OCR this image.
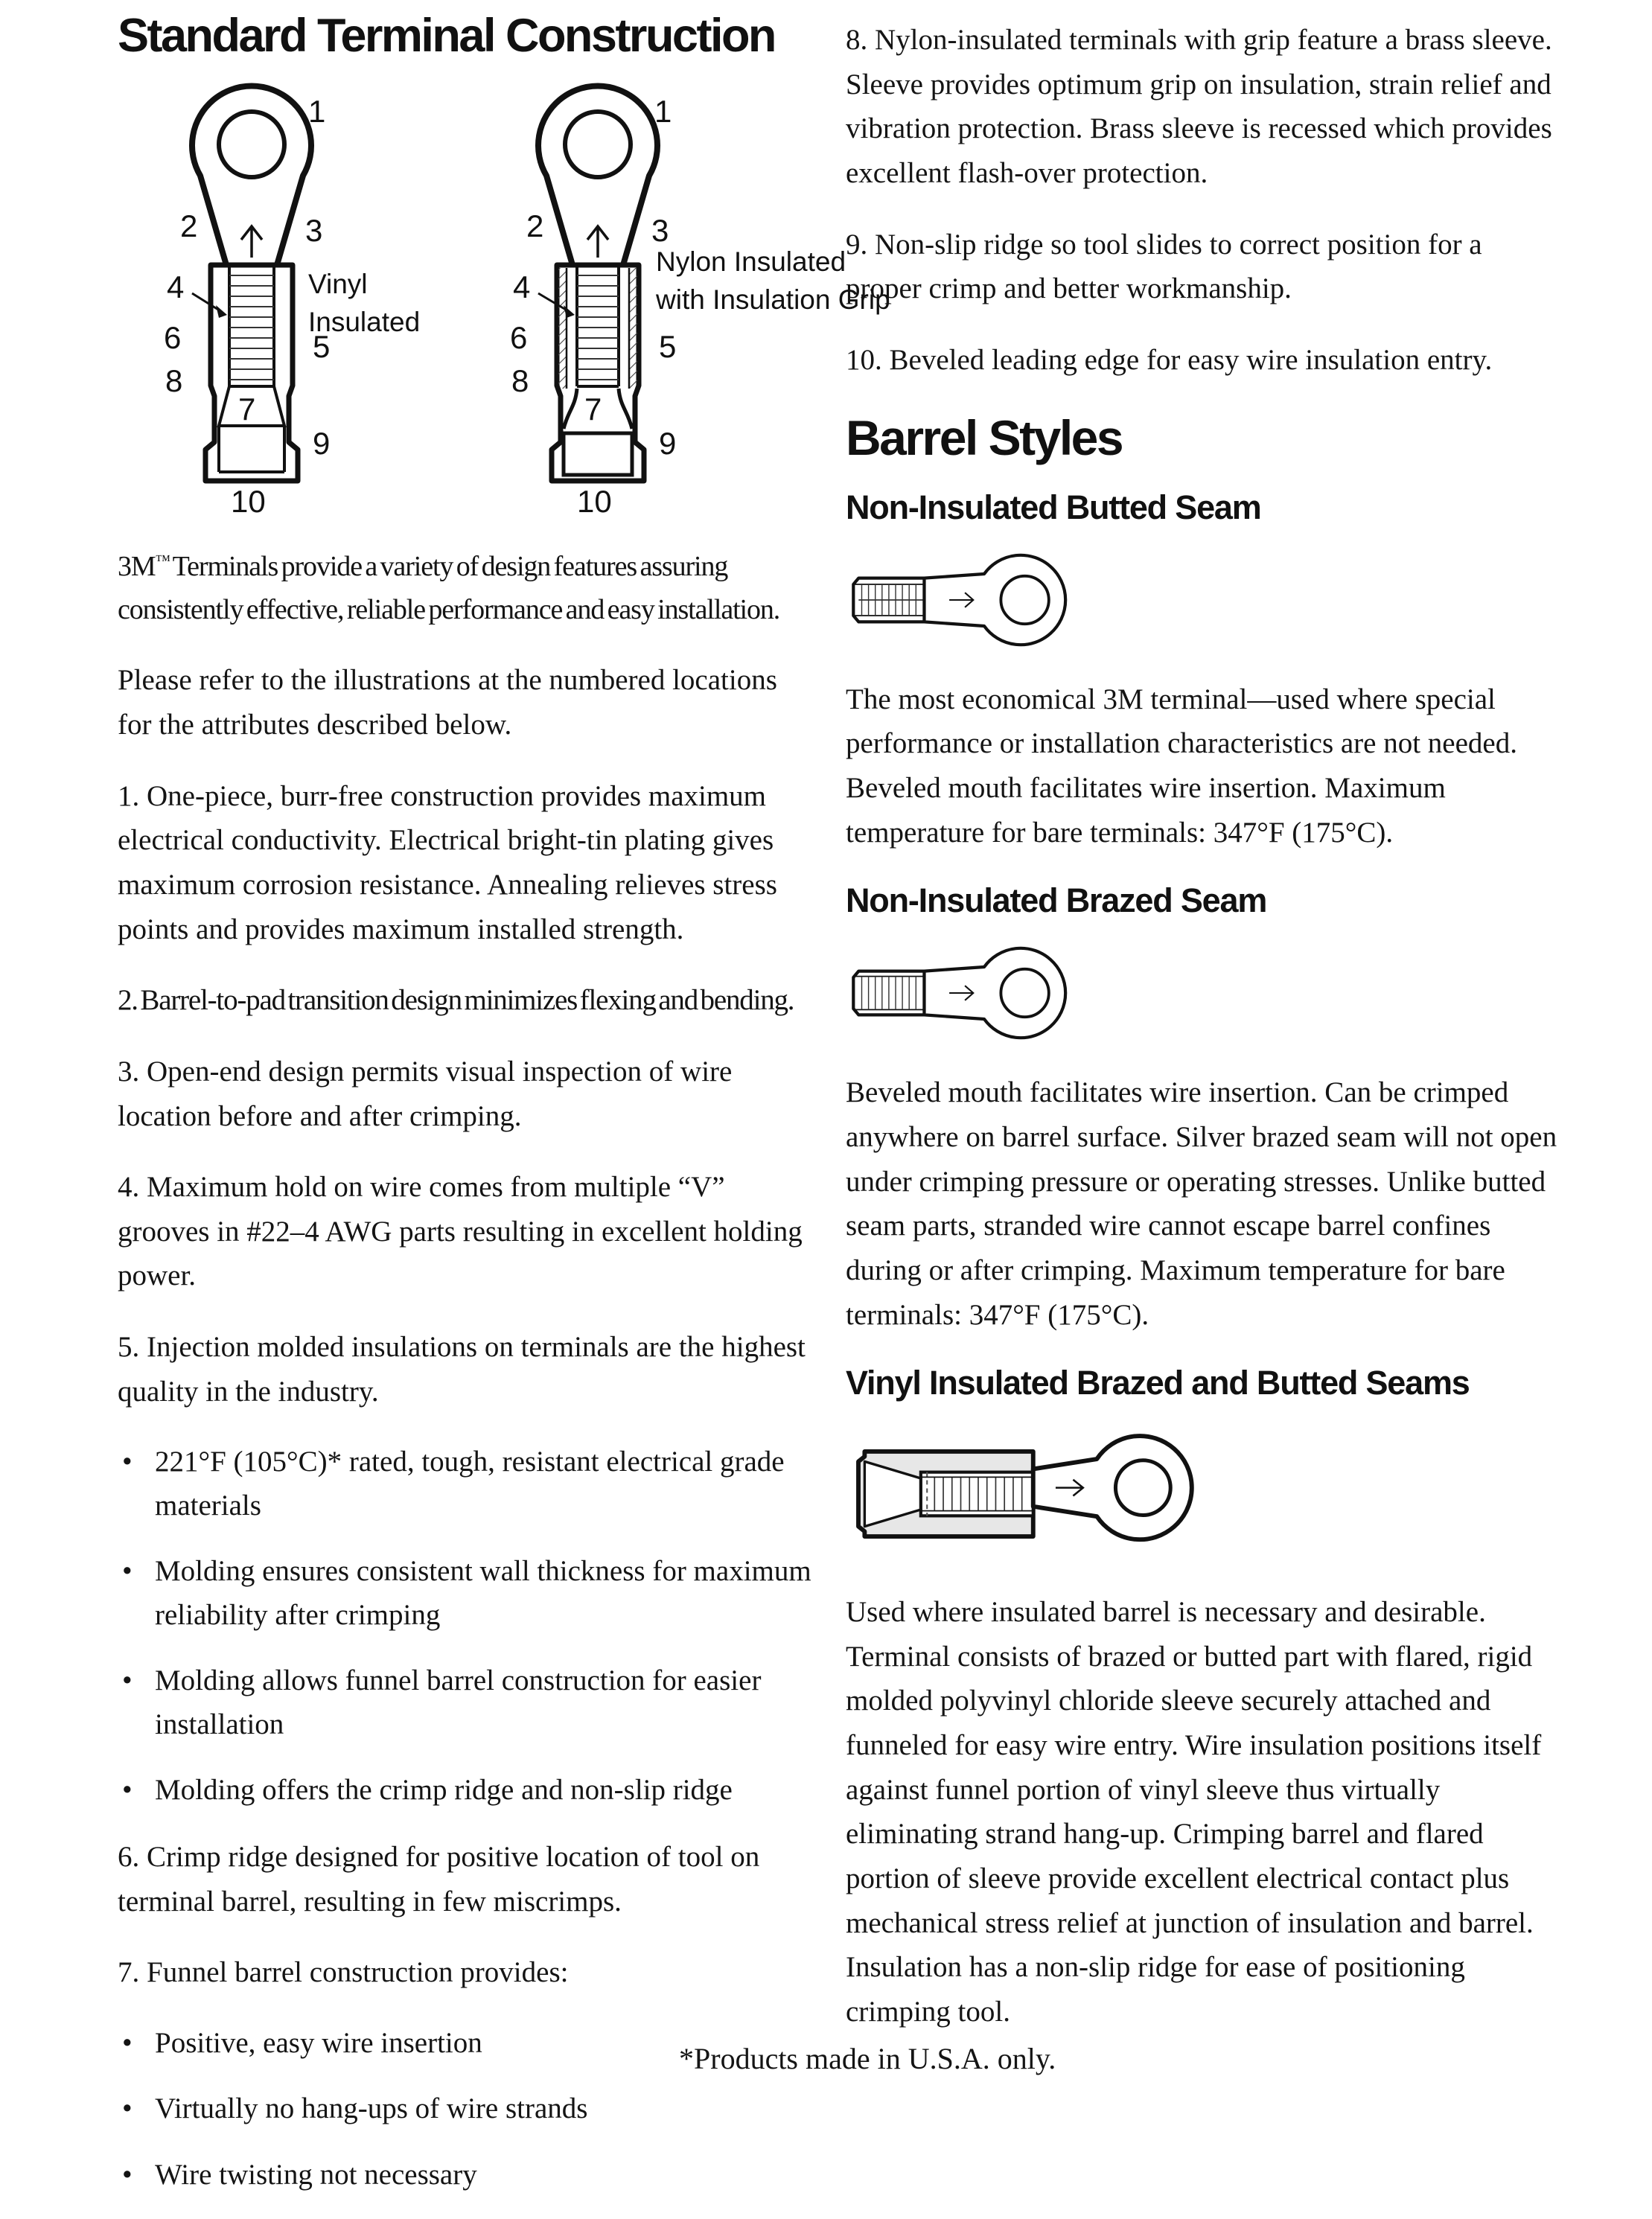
Standard Terminal Construction
1
2	3
4
5
6
7
8
9
10
Vinyl
Insulated
1
2	3
4
5
6
7
8
9
10
Nylon Insulated
with Insulation Grip

3M™ Terminals provide a variety of design features assuring consistently effective, reliable performance and easy installation.

Please refer to the illustrations at the numbered locations for the attributes described below.

1. One-piece, burr-free construction provides maximum electrical conductivity. Electrical bright-tin plating gives maximum corrosion resistance. Annealing relieves stress points and provides maximum installed strength.

2. Barrel-to-pad transition design minimizes flexing and bending.

3. Open-end design permits visual inspection of wire location before and after crimping.

4. Maximum hold on wire comes from multiple “V” grooves in #22–4 AWG parts resulting in excellent holding power.

5. Injection molded insulations on terminals are the highest quality in the industry.

• 221°F (105°C)* rated, tough, resistant electrical grade materials
• Molding ensures consistent wall thickness for maximum reliability after crimping
• Molding allows funnel barrel construction for easier installation
• Molding offers the crimp ridge and non-slip ridge

6. Crimp ridge designed for positive location of tool on terminal barrel, resulting in few miscrimps.

7. Funnel barrel construction provides:

• Positive, easy wire insertion
• Virtually no hang-ups of wire strands
• Wire twisting not necessary

8. Nylon-insulated terminals with grip feature a brass sleeve. Sleeve provides optimum grip on insulation, strain relief and vibration protection. Brass sleeve is recessed which provides excellent flash-over protection.

9. Non-slip ridge so tool slides to correct position for a proper crimp and better workmanship.

10. Beveled leading edge for easy wire insulation entry.

Barrel Styles
Non-Insulated Butted Seam

The most economical 3M terminal—used where special performance or installation characteristics are not needed. Beveled mouth facilitates wire insertion. Maximum temperature for bare terminals: 347°F (175°C).

Non-Insulated Brazed Seam

Beveled mouth facilitates wire insertion. Can be crimped anywhere on barrel surface. Silver brazed seam will not open under crimping pressure or operating stresses. Unlike butted seam parts, stranded wire cannot escape barrel confines during or after crimping. Maximum temperature for bare terminals: 347°F (175°C).

Vinyl Insulated Brazed and Butted Seams

Used where insulated barrel is necessary and desirable. Terminal consists of brazed or butted part with flared, rigid molded polyvinyl chloride sleeve securely attached and funneled for easy wire entry. Wire insulation positions itself against funnel portion of vinyl sleeve thus virtually eliminating strand hang-up. Crimping barrel and flared portion of sleeve provide excellent electrical contact plus mechanical stress relief at junction of insulation and barrel. Insulation has a non-slip ridge for ease of positioning crimping tool.

*Products made in U.S.A. only.
